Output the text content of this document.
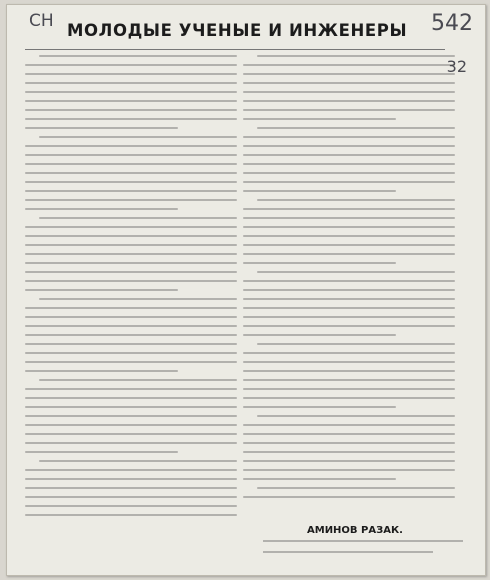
CН	542
32
МОЛОДЫЕ УЧЕНЫЕ И ИНЖЕНЕРЫ

АМИНОВ РАЗАК.
